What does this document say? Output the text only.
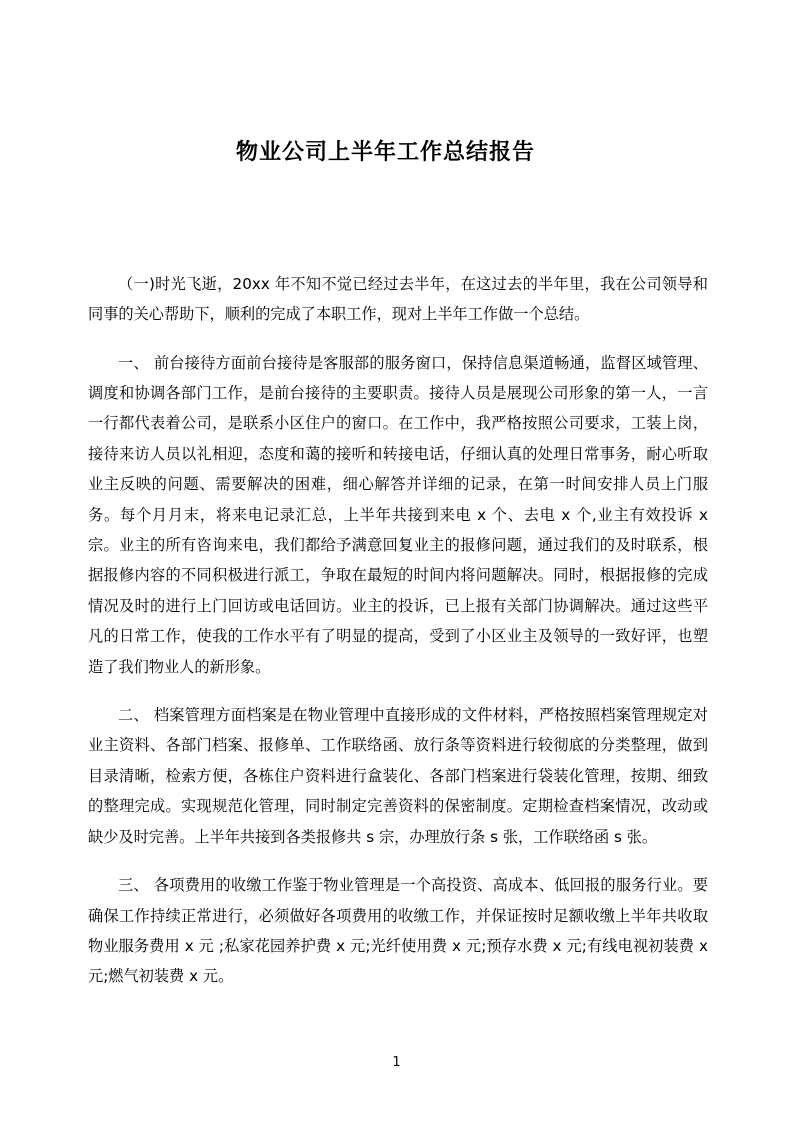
物业公司上半年工作总结报告

（一)时光飞逝，20xx 年不知不觉已经过去半年，在这过去的半年里，我在公司领导和同事的关心帮助下，顺利的完成了本职工作，现对上半年工作做一个总结。

一、 前台接待方面前台接待是客服部的服务窗口，保持信息渠道畅通，监督区域管理、调度和协调各部门工作，是前台接待的主要职责。接待人员是展现公司形象的第一人，一言一行都代表着公司，是联系小区住户的窗口。在工作中，我严格按照公司要求，工装上岗，接待来访人员以礼相迎，态度和蔼的接听和转接电话，仔细认真的处理日常事务，耐心听取业主反映的问题、需要解决的困难，细心解答并详细的记录，在第一时间安排人员上门服务。每个月月末，将来电记录汇总，上半年共接到来电 x 个、去电 x 个,业主有效投诉 x 宗。业主的所有咨询来电，我们都给予满意回复业主的报修问题，通过我们的及时联系，根据报修内容的不同积极进行派工，争取在最短的时间内将问题解决。同时，根据报修的完成情况及时的进行上门回访或电话回访。业主的投诉，已上报有关部门协调解决。通过这些平凡的日常工作，使我的工作水平有了明显的提高，受到了小区业主及领导的一致好评，也塑造了我们物业人的新形象。

二、 档案管理方面档案是在物业管理中直接形成的文件材料，严格按照档案管理规定对业主资料、各部门档案、报修单、工作联络函、放行条等资料进行较彻底的分类整理，做到目录清晰，检索方便，各栋住户资料进行盒装化、各部门档案进行袋装化管理，按期、细致的整理完成。实现规范化管理，同时制定完善资料的保密制度。定期检查档案情况，改动或缺少及时完善。上半年共接到各类报修共 s 宗，办理放行条 s 张，工作联络函 s 张。

三、 各项费用的收缴工作鉴于物业管理是一个高投资、高成本、低回报的服务行业。要确保工作持续正常进行，必须做好各项费用的收缴工作，并保证按时足额收缴上半年共收取物业服务费用 x 元 ;私家花园养护费 x 元;光纤使用费 x 元;预存水费 x 元;有线电视初装费 x 元;燃气初装费 x 元。

1
